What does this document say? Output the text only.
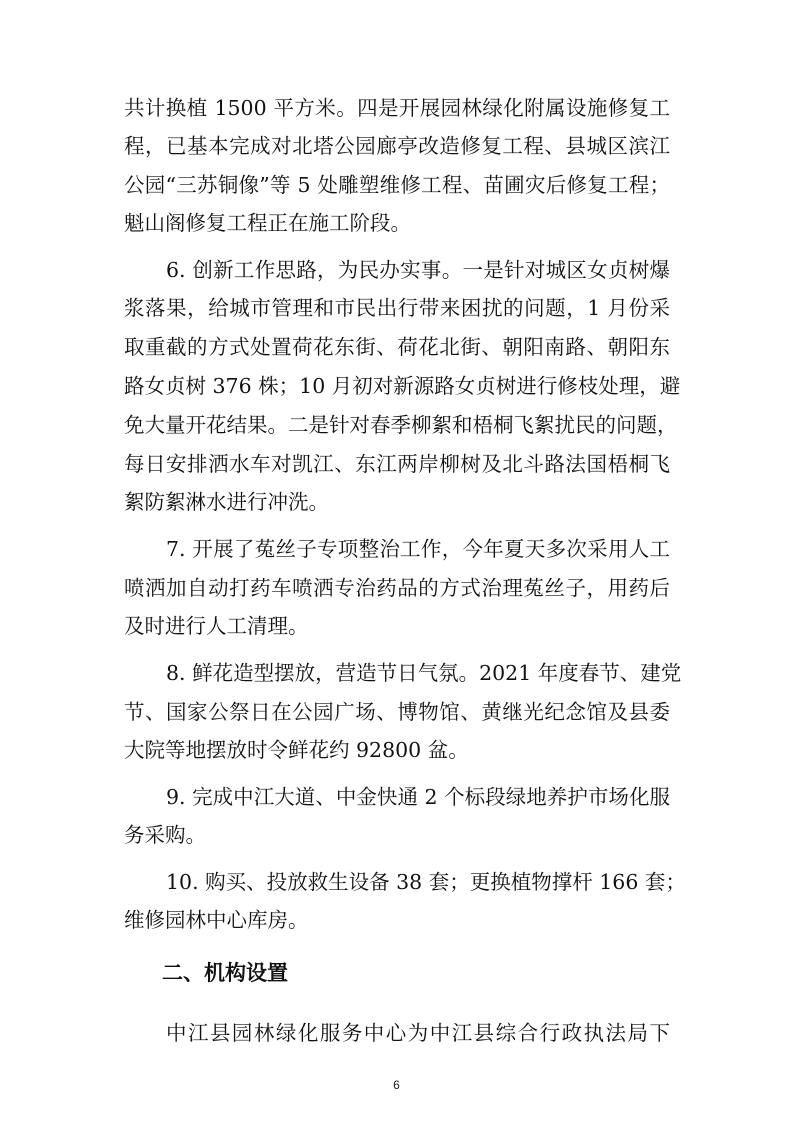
共计换植 1500 平方米。四是开展园林绿化附属设施修复工
程，已基本完成对北塔公园廊亭改造修复工程、县城区滨江
公园“三苏铜像”等 5 处雕塑维修工程、苗圃灾后修复工程；
魁山阁修复工程正在施工阶段。
6. 创新工作思路，为民办实事。一是针对城区女贞树爆
浆落果，给城市管理和市民出行带来困扰的问题，1 月份采
取重截的方式处置荷花东街、荷花北街、朝阳南路、朝阳东
路女贞树 376 株；10 月初对新源路女贞树进行修枝处理，避
免大量开花结果。二是针对春季柳絮和梧桐飞絮扰民的问题，
每日安排洒水车对凯江、东江两岸柳树及北斗路法国梧桐飞
絮防絮淋水进行冲洗。
7. 开展了菟丝子专项整治工作，今年夏天多次采用人工
喷洒加自动打药车喷洒专治药品的方式治理菟丝子，用药后
及时进行人工清理。
8. 鲜花造型摆放，营造节日气氛。2021 年度春节、建党
节、国家公祭日在公园广场、博物馆、黄继光纪念馆及县委
大院等地摆放时令鲜花约 92800 盆。
9. 完成中江大道、中金快通 2 个标段绿地养护市场化服
务采购。
10. 购买、投放救生设备 38 套；更换植物撑杆 166 套；
维修园林中心库房。
中江县园林绿化服务中心为中江县综合行政执法局下
二、机构设置
6
